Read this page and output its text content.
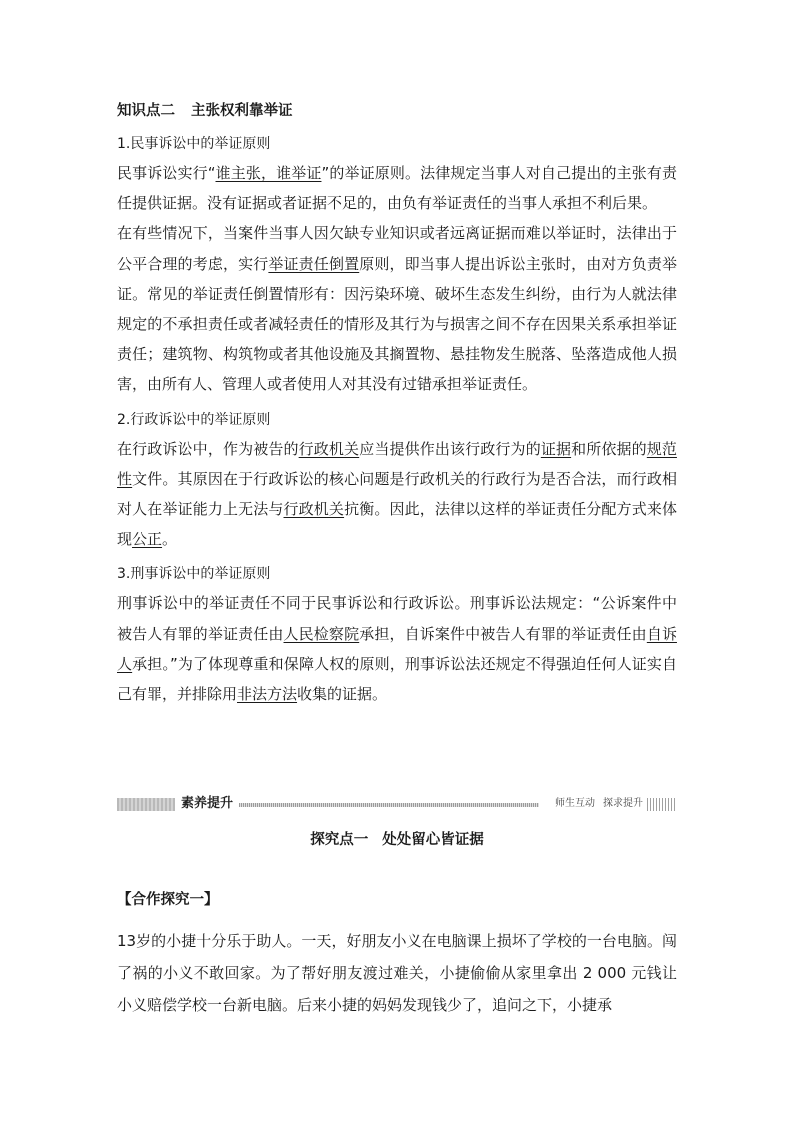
知识点二 主张权利靠举证
1.民事诉讼中的举证原则

民事诉讼实行“谁主张，谁举证”的举证原则。法律规定当事人对自己提出的主张有责任提供证据。没有证据或者证据不足的，由负有举证责任的当事人承担不利后果。

在有些情况下，当案件当事人因欠缺专业知识或者远离证据而难以举证时，法律出于公平合理的考虑，实行举证责任倒置原则，即当事人提出诉讼主张时，由对方负责举证。常见的举证责任倒置情形有：因污染环境、破坏生态发生纠纷，由行为人就法律规定的不承担责任或者减轻责任的情形及其行为与损害之间不存在因果关系承担举证责任；建筑物、构筑物或者其他设施及其搁置物、悬挂物发生脱落、坠落造成他人损害，由所有人、管理人或者使用人对其没有过错承担举证责任。

2.行政诉讼中的举证原则

在行政诉讼中，作为被告的行政机关应当提供作出该行政行为的证据和所依据的规范性文件。其原因在于行政诉讼的核心问题是行政机关的行政行为是否合法，而行政相对人在举证能力上无法与行政机关抗衡。因此，法律以这样的举证责任分配方式来体现公正。

3.刑事诉讼中的举证原则

刑事诉讼中的举证责任不同于民事诉讼和行政诉讼。刑事诉讼法规定：“公诉案件中被告人有罪的举证责任由人民检察院承担，自诉案件中被告人有罪的举证责任由自诉人承担。”为了体现尊重和保障人权的原则，刑事诉讼法还规定不得强迫任何人证实自己有罪，并排除用非法方法收集的证据。

素养提升	师生互动 探求提升
探究点一 处处留心皆证据
【合作探究一】

13岁的小捷十分乐于助人。一天，好朋友小义在电脑课上损坏了学校的一台电脑。闯了祸的小义不敢回家。为了帮好朋友渡过难关，小捷偷偷从家里拿出 2 000 元钱让小义赔偿学校一台新电脑。后来小捷的妈妈发现钱少了，追问之下，小捷承
